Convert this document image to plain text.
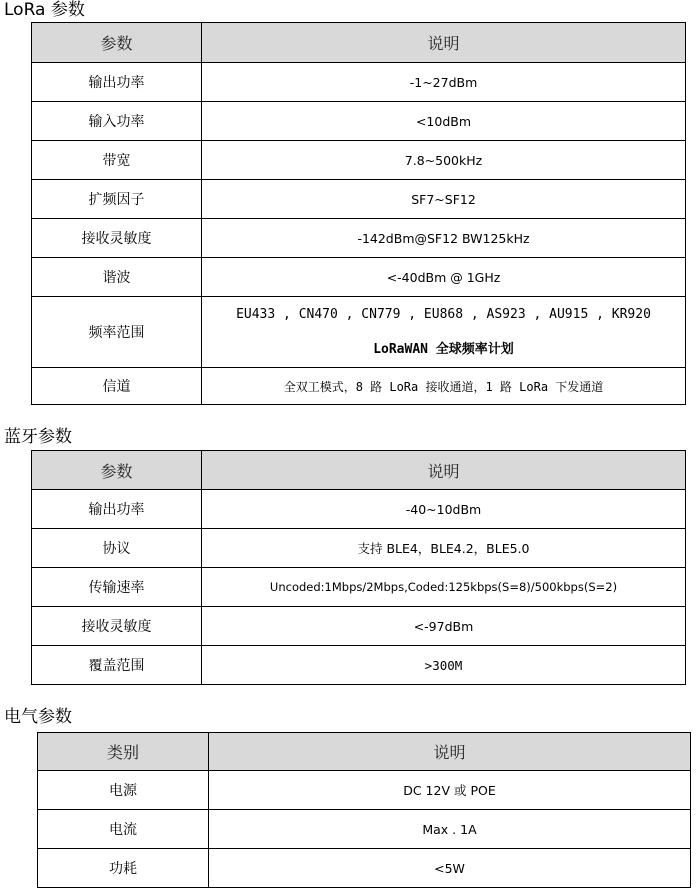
LoRa 参数
参数	说明
输出功率	-1~27dBm
输入功率	<10dBm
带宽	7.8~500kHz
扩频因子	SF7~SF12
接收灵敏度	-142dBm@SF12 BW125kHz
谐波	<-40dBm @ 1GHz
频率范围	EU433 , CN470 , CN779 , EU868 , AS923 , AU915 , KR920
LoRaWAN 全球频率计划

信道	全双工模式，8 路 LoRa 接收通道，1 路 LoRa 下发通道
蓝牙参数
参数	说明
输出功率	-40~10dBm
协议	支持 BLE4，BLE4.2，BLE5.0
传输速率	Uncoded:1Mbps/2Mbps,Coded:125kbps(S=8)/500kbps(S=2)
接收灵敏度	<-97dBm
覆盖范围	>300M
电气参数
类别	说明
电源	DC 12V 或 POE
电流	Max . 1A
功耗	<5W
